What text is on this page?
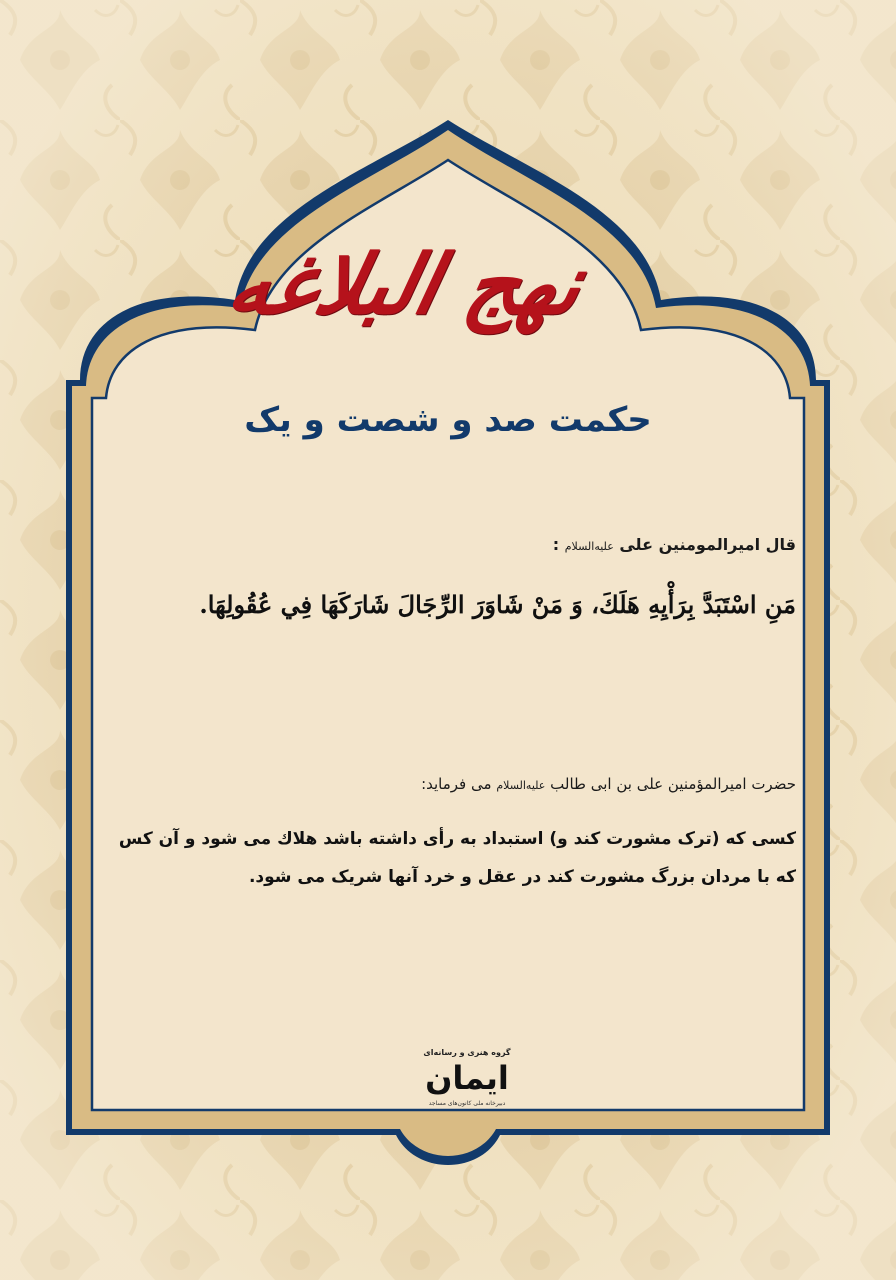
نهج البلاغه
حکمت صد و شصت و یک
قال امیرالمومنین علی علیه‌السلام :
مَنِ اسْتَبَدَّ بِرَأْيِهِ هَلَكَ، وَ مَنْ شَاوَرَ الرِّجَالَ شَارَكَهَا فِي عُقُولِهَا.
حضرت امیرالمؤمنین علی بن ابی طالب علیه‌السلام می فرماید:
کسی که (ترک مشورت کند و) استبداد به رأی داشته باشد هلاك می شود و آن کس که با مردان بزرگ مشورت کند در عقل و خرد آنها شریک می شود.
گروه هنری و رسانه‌ای
ایمان
دبیرخانه ملی کانون‌های مساجد
